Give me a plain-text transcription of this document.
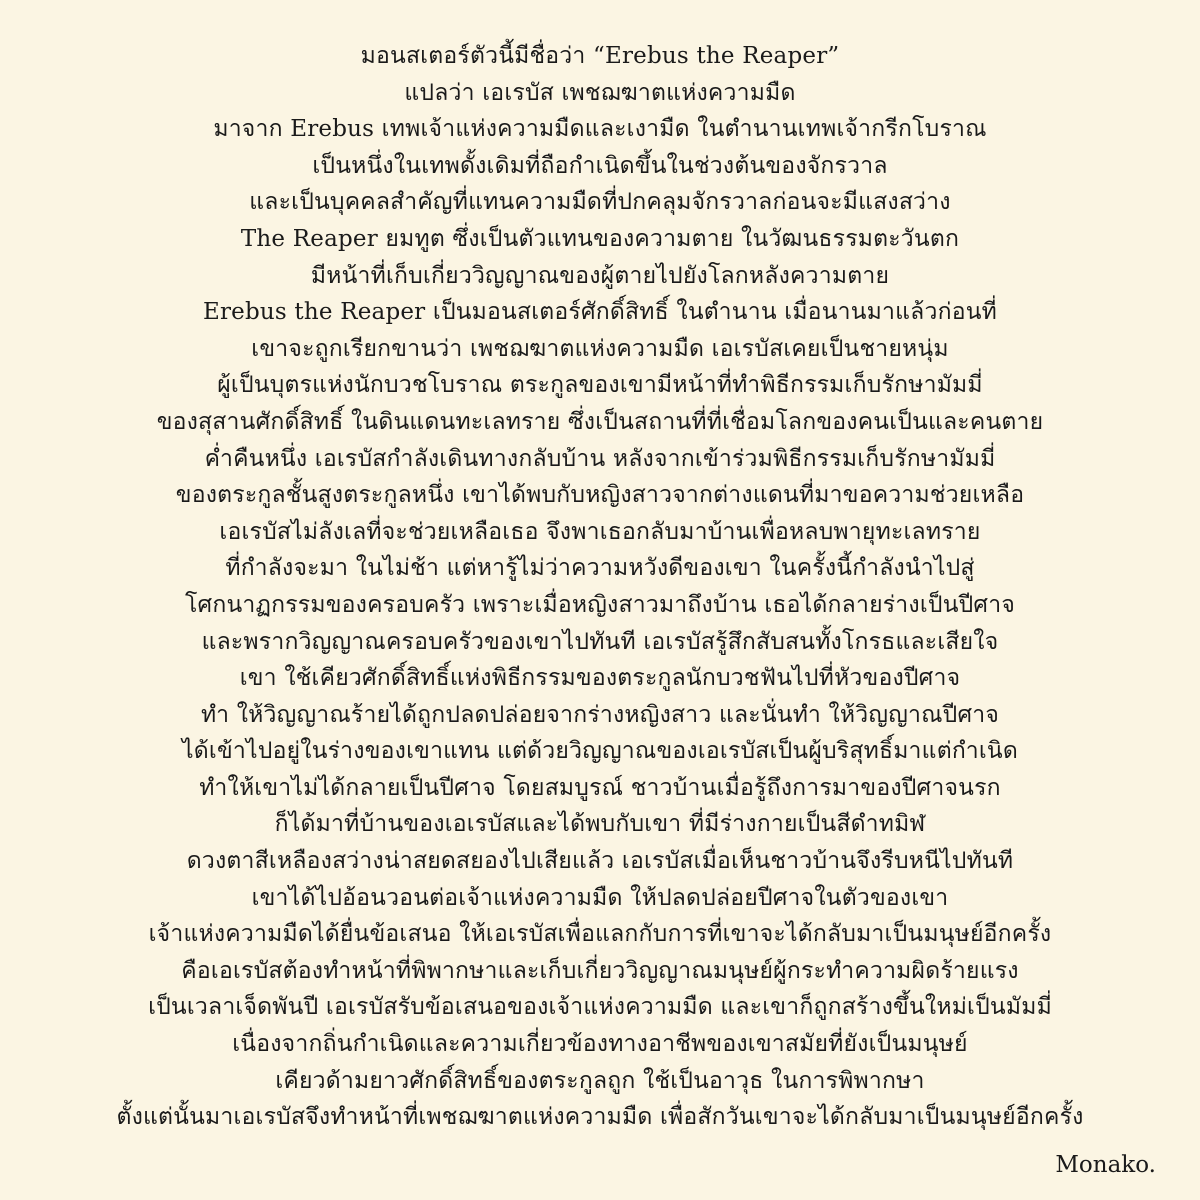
มอนสเตอร์ตัวนี้มีชื่อว่า “Erebus the Reaper”
แปลว่า เอเรบัส เพชฌฆาตแห่งความมืด
มาจาก Erebus เทพเจ้าแห่งความมืดและเงามืด ในตำนานเทพเจ้ากรีกโบราณ
เป็นหนึ่งในเทพดั้งเดิมที่ถือกำเนิดขึ้นในช่วงต้นของจักรวาล
และเป็นบุคคลสำคัญที่แทนความมืดที่ปกคลุมจักรวาลก่อนจะมีแสงสว่าง
The Reaper ยมทูต ซึ่งเป็นตัวแทนของความตาย ในวัฒนธรรมตะวันตก
มีหน้าที่เก็บเกี่ยววิญญาณของผู้ตายไปยังโลกหลังความตาย
Erebus the Reaper เป็นมอนสเตอร์ศักดิ์สิทธิ์ ในตำนาน เมื่อนานมาแล้วก่อนที่
เขาจะถูกเรียกขานว่า เพชฌฆาตแห่งความมืด เอเรบัสเคยเป็นชายหนุ่ม
ผู้เป็นบุตรแห่งนักบวชโบราณ ตระกูลของเขามีหน้าที่ทำพิธีกรรมเก็บรักษามัมมี่
ของสุสานศักดิ์สิทธิ์ ในดินแดนทะเลทราย ซึ่งเป็นสถานที่ที่เชื่อมโลกของคนเป็นและคนตาย
ค่ำคืนหนึ่ง เอเรบัสกำลังเดินทางกลับบ้าน หลังจากเข้าร่วมพิธีกรรมเก็บรักษามัมมี่
ของตระกูลชั้นสูงตระกูลหนึ่ง เขาได้พบกับหญิงสาวจากต่างแดนที่มาขอความช่วยเหลือ
เอเรบัสไม่ลังเลที่จะช่วยเหลือเธอ จึงพาเธอกลับมาบ้านเพื่อหลบพายุทะเลทราย
ที่กำลังจะมา ในไม่ช้า แต่หารู้ไม่ว่าความหวังดีของเขา ในครั้งนี้กำลังนำไปสู่
โศกนาฏกรรมของครอบครัว เพราะเมื่อหญิงสาวมาถึงบ้าน เธอได้กลายร่างเป็นปีศาจ
และพรากวิญญาณครอบครัวของเขาไปทันที เอเรบัสรู้สึกสับสนทั้งโกรธและเสียใจ
เขา ใช้เคียวศักดิ์สิทธิ์แห่งพิธีกรรมของตระกูลนักบวชฟันไปที่หัวของปีศาจ
ทำ ให้วิญญาณร้ายได้ถูกปลดปล่อยจากร่างหญิงสาว และนั่นทำ ให้วิญญาณปีศาจ
ได้เข้าไปอยู่ในร่างของเขาแทน แต่ด้วยวิญญาณของเอเรบัสเป็นผู้บริสุทธิ์มาแต่กำเนิด
ทำให้เขาไม่ได้กลายเป็นปีศาจ โดยสมบูรณ์ ชาวบ้านเมื่อรู้ถึงการมาของปีศาจนรก
ก็ได้มาที่บ้านของเอเรบัสและได้พบกับเขา ที่มีร่างกายเป็นสีดำทมิฬ
ดวงตาสีเหลืองสว่างน่าสยดสยองไปเสียแล้ว เอเรบัสเมื่อเห็นชาวบ้านจึงรีบหนีไปทันที
เขาได้ไปอ้อนวอนต่อเจ้าแห่งความมืด ให้ปลดปล่อยปีศาจในตัวของเขา
เจ้าแห่งความมืดได้ยื่นข้อเสนอ ให้เอเรบัสเพื่อแลกกับการที่เขาจะได้กลับมาเป็นมนุษย์อีกครั้ง
คือเอเรบัสต้องทำหน้าที่พิพากษาและเก็บเกี่ยววิญญาณมนุษย์ผู้กระทำความผิดร้ายแรง
เป็นเวลาเจ็ดพันปี เอเรบัสรับข้อเสนอของเจ้าแห่งความมืด และเขาก็ถูกสร้างขึ้นใหม่เป็นมัมมี่
เนื่องจากถิ่นกำเนิดและความเกี่ยวข้องทางอาชีพของเขาสมัยที่ยังเป็นมนุษย์
เคียวด้ามยาวศักดิ์สิทธิ์ของตระกูลถูก ใช้เป็นอาวุธ ในการพิพากษา
ตั้งแต่นั้นมาเอเรบัสจึงทำหน้าที่เพชฌฆาตแห่งความมืด เพื่อสักวันเขาจะได้กลับมาเป็นมนุษย์อีกครั้ง
Monako.
